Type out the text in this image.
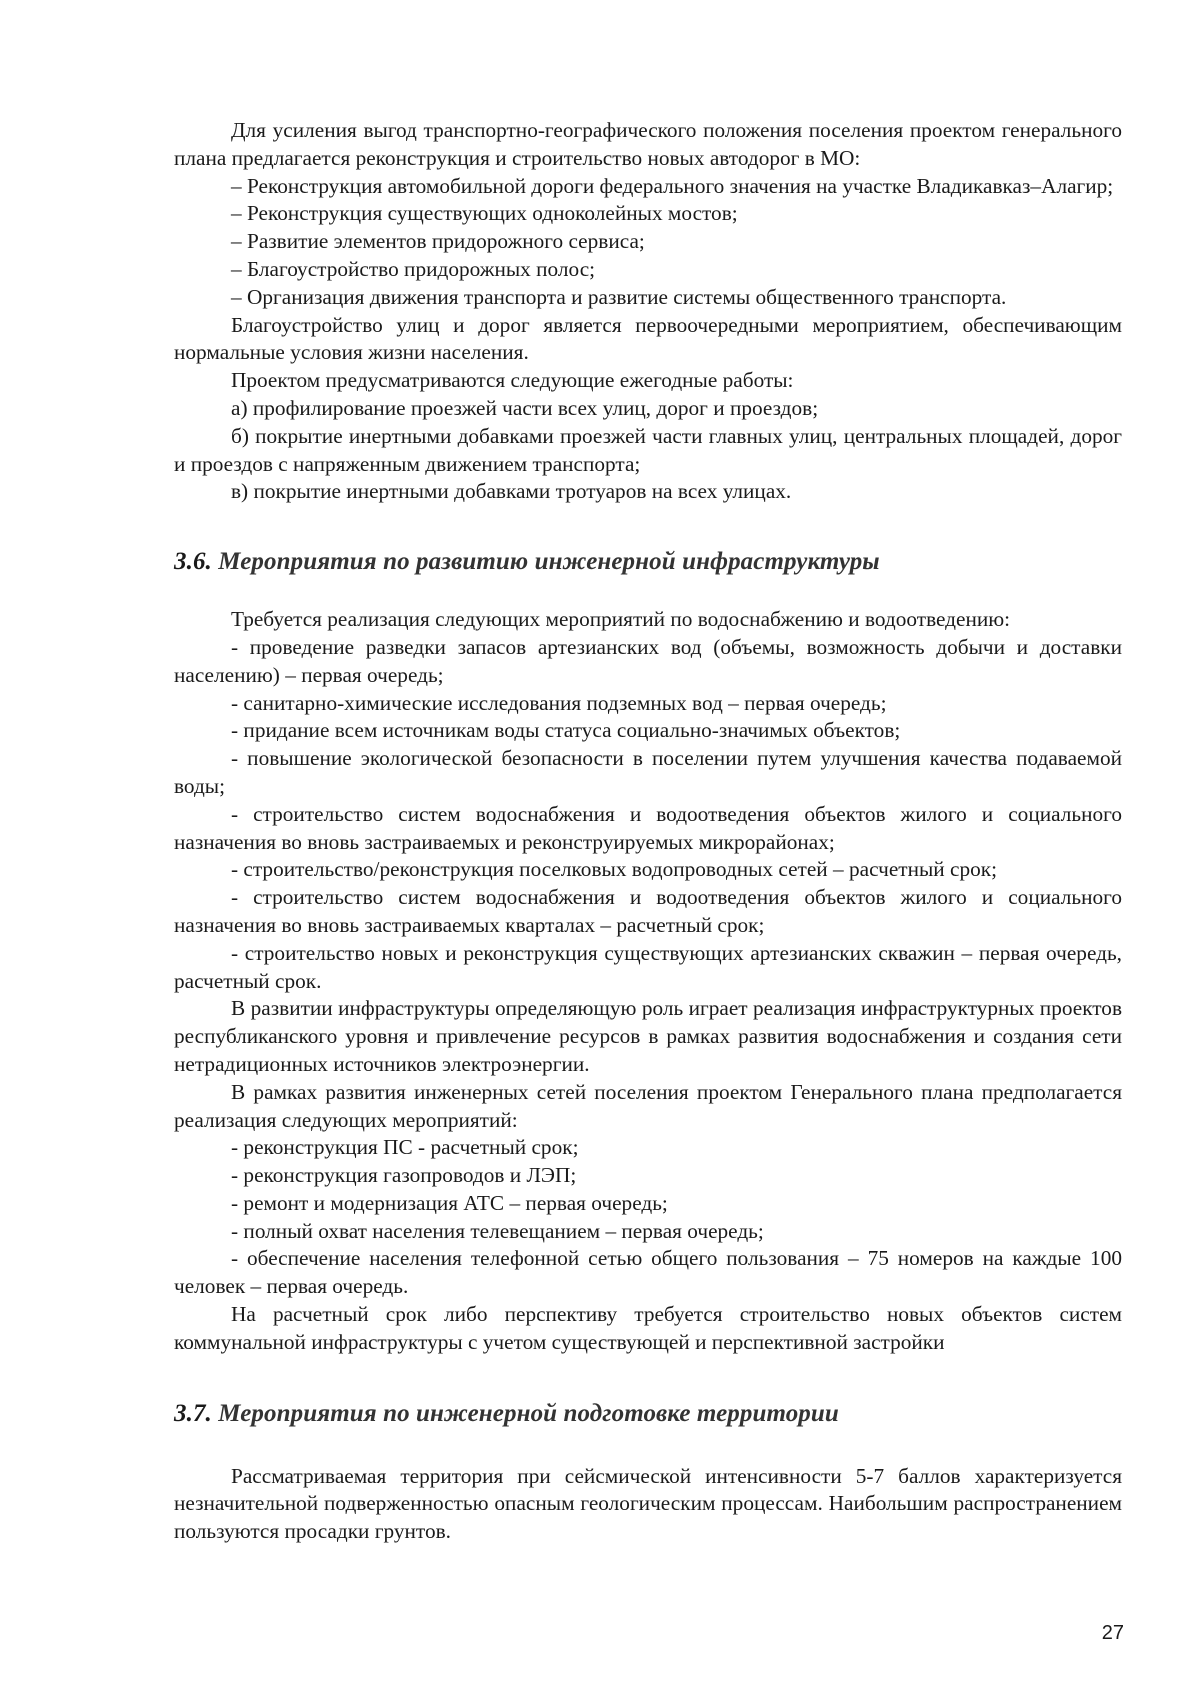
Для усиления выгод транспортно-географического положения поселения проектом генерального плана предлагается реконструкция и строительство новых автодорог в МО:

– Реконструкция автомобильной дороги федерального значения на участке Владикавказ–Алагир;

– Реконструкция существующих одноколейных мостов;

– Развитие элементов придорожного сервиса;

– Благоустройство придорожных полос;

– Организация движения транспорта и развитие системы общественного транспорта.

Благоустройство улиц и дорог является первоочередными мероприятием, обеспечивающим нормальные условия жизни населения.

Проектом предусматриваются следующие ежегодные работы:

а) профилирование проезжей части всех улиц, дорог и проездов;

б) покрытие инертными добавками проезжей части главных улиц, центральных площадей, дорог и проездов с напряженным движением транспорта;

в) покрытие инертными добавками тротуаров на всех улицах.

3.6. Мероприятия по развитию инженерной инфраструктуры

Требуется реализация следующих мероприятий по водоснабжению и водоотведению:

- проведение разведки запасов артезианских вод (объемы, возможность добычи и доставки населению) – первая очередь;

- санитарно-химические исследования подземных вод – первая очередь;

- придание всем источникам воды статуса социально-значимых объектов;

- повышение экологической безопасности в поселении путем улучшения качества подаваемой воды;

- строительство систем водоснабжения и водоотведения объектов жилого и социального назначения во вновь застраиваемых и реконструируемых микрорайонах;

- строительство/реконструкция поселковых водопроводных сетей – расчетный срок;

- строительство систем водоснабжения и водоотведения объектов жилого и социального назначения во вновь застраиваемых кварталах – расчетный срок;

- строительство новых и реконструкция существующих артезианских скважин – первая очередь, расчетный срок.

В развитии инфраструктуры определяющую роль играет реализация инфраструктурных проектов республиканского уровня и привлечение ресурсов в рамках развития водоснабжения и создания сети нетрадиционных источников электроэнергии.

В рамках развития инженерных сетей поселения проектом Генерального плана предполагается реализация следующих мероприятий:

- реконструкция ПС - расчетный срок;

- реконструкция газопроводов и ЛЭП;

- ремонт и модернизация АТС – первая очередь;

- полный охват населения телевещанием – первая очередь;

- обеспечение населения телефонной сетью общего пользования – 75 номеров на каждые 100 человек – первая очередь.

На расчетный срок либо перспективу требуется строительство новых объектов систем коммунальной инфраструктуры с учетом существующей и перспективной застройки

3.7. Мероприятия по инженерной подготовке территории

Рассматриваемая территория при сейсмической интенсивности 5-7 баллов характеризуется незначительной подверженностью опасным геологическим процессам. Наибольшим распространением пользуются просадки грунтов.

27
